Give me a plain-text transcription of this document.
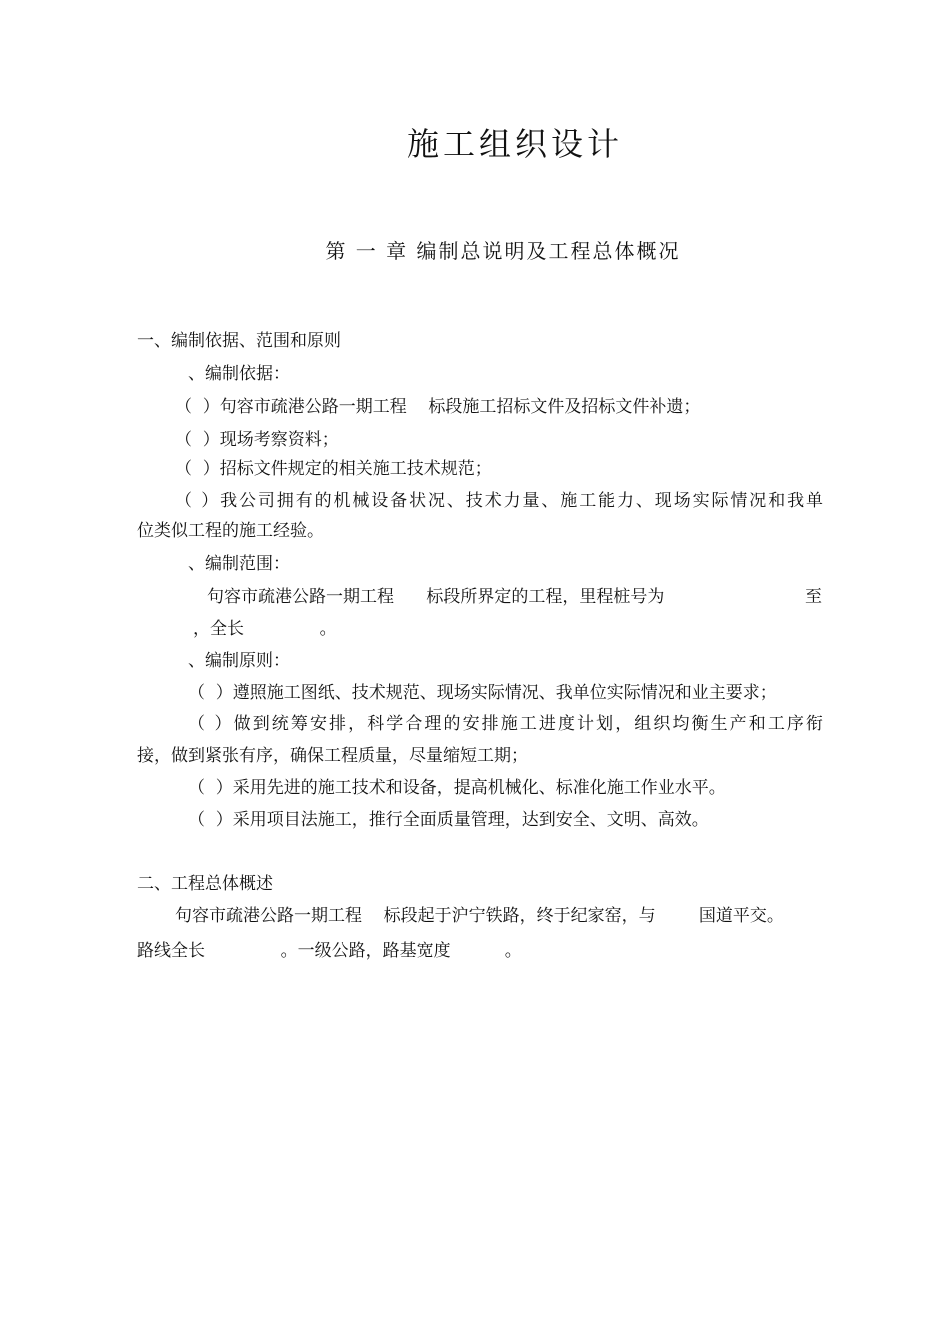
施工组织设计
第 一 章 编制总说明及工程总体概况
一、编制依据、范围和原则
、编制依据：
（  ）句容市疏港公路一期工程    标段施工招标文件及招标文件补遗；
（  ）现场考察资料；
（  ）招标文件规定的相关施工技术规范；
（ ）我公司拥有的机械设备状况、技术力量、施工能力、现场实际情况和我单
位类似工程的施工经验。
、编制范围：
句容市疏港公路一期工程      标段所界定的工程，里程桩号为	至
，全长              。
、编制原则：
（  ）遵照施工图纸、技术规范、现场实际情况、我单位实际情况和业主要求；
（ ）做到统筹安排，科学合理的安排施工进度计划，组织均衡生产和工序衔
接，做到紧张有序，确保工程质量，尽量缩短工期；
（  ）采用先进的施工技术和设备，提高机械化、标准化施工作业水平。
（  ）采用项目法施工，推行全面质量管理，达到安全、文明、高效。
二、工程总体概述
句容市疏港公路一期工程    标段起于沪宁铁路，终于纪家窑，与        国道平交。
路线全长              。一级公路，路基宽度          。
